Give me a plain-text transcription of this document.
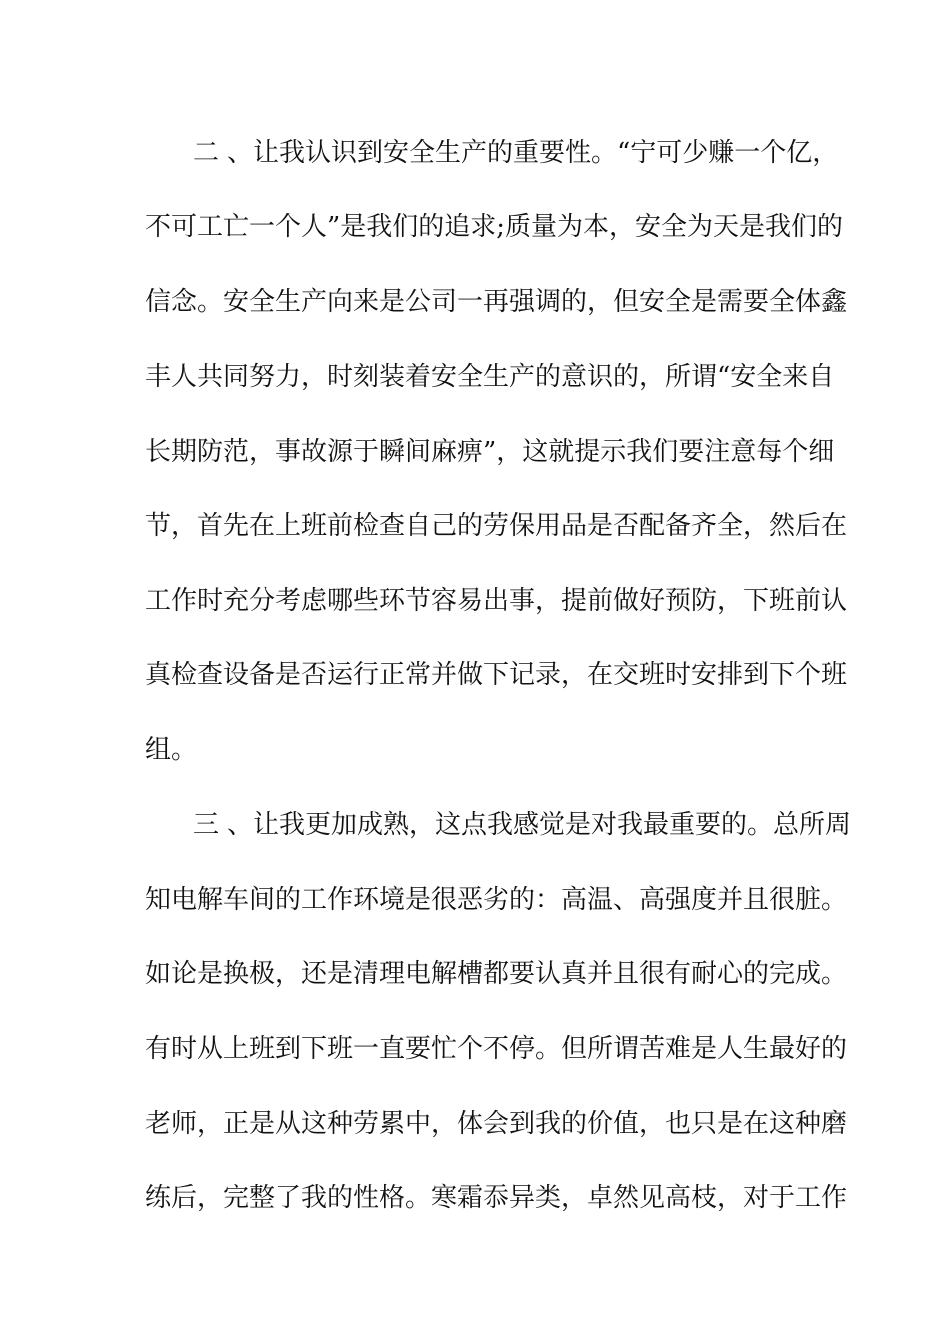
二、让我认识到安全生产的重要性。“宁可少赚一个亿，
不可工亡一个人”是我们的追求;质量为本，安全为天是我们的
信念。安全生产向来是公司一再强调的，但安全是需要全体鑫
丰人共同努力，时刻装着安全生产的意识的，所谓“安全来自
长期防范，事故源于瞬间麻痹”，这就提示我们要注意每个细
节，首先在上班前检查自己的劳保用品是否配备齐全，然后在
工作时充分考虑哪些环节容易出事，提前做好预防，下班前认
真检查设备是否运行正常并做下记录，在交班时安排到下个班
组。
三、让我更加成熟，这点我感觉是对我最重要的。总所周
知电解车间的工作环境是很恶劣的：高温、高强度并且很脏。
如论是换极，还是清理电解槽都要认真并且很有耐心的完成。
有时从上班到下班一直要忙个不停。但所谓苦难是人生最好的
老师，正是从这种劳累中，体会到我的价值，也只是在这种磨
练后，完整了我的性格。寒霜忝异类，卓然见高枝，对于工作
